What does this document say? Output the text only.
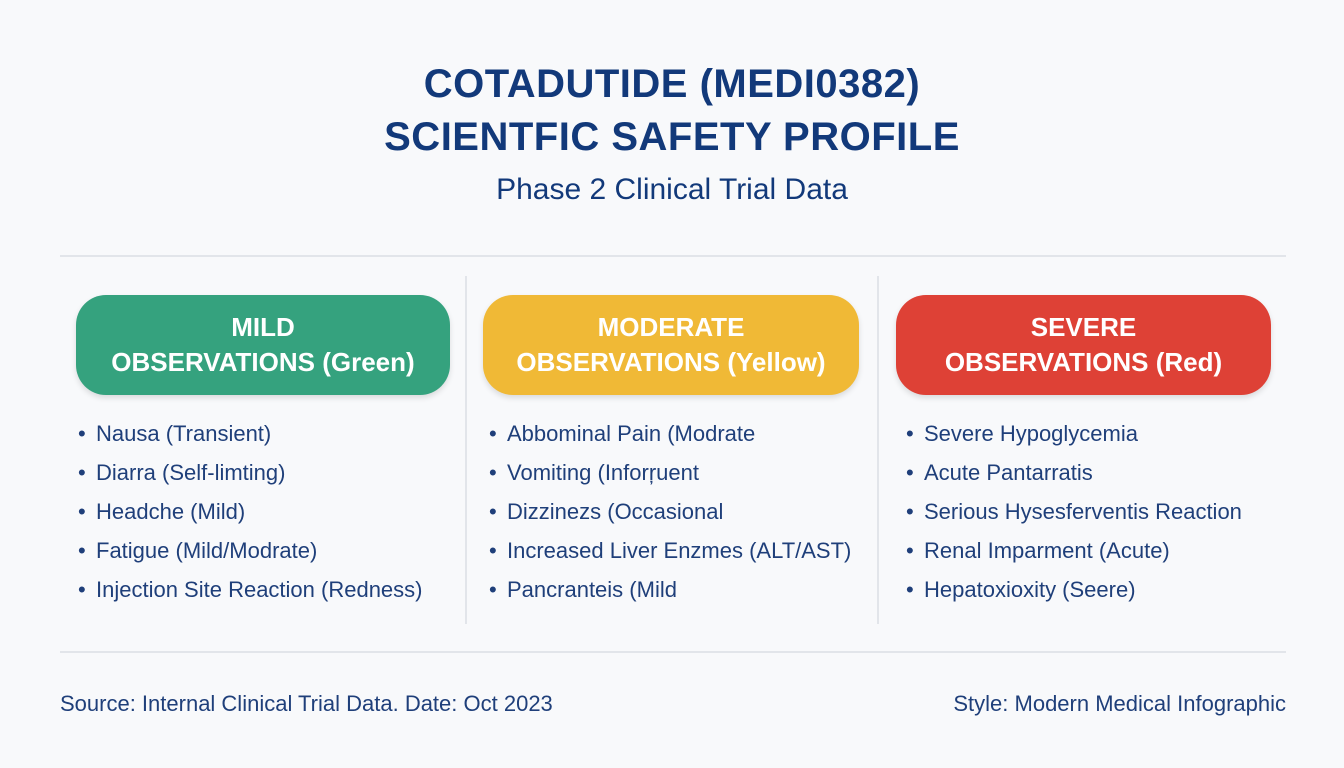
COTADUTIDE (MEDI0382)
SCIENTFIC SAFETY PROFILE
Phase 2 Clinical Trial Data
MILD
OBSERVATIONS (Green)
• Nausa (Transient)
• Diarra (Self-limting)
• Headche (Mild)
• Fatigue (Mild/Modrate)
• Injection Site Reaction (Redness)
MODERATE
OBSERVATIONS (Yellow)
• Abbominal Pain (Modrate
• Vomiting (Inforŗuent
• Dizzinezs (Occasional
• Increased Liver Enzmes (ALT/AST)
• Pancranteis (Mild
SEVERE
OBSERVATIONS (Red)
• Severe Hypoglycemia
• Acute Pantarratis
• Serious Hysesferventis Reaction
• Renal Imparment (Acute)
• Hepatoxioxity (Seere)
Source: Internal Clinical Trial Data. Date: Oct 2023	Style: Modern Medical Infographic
